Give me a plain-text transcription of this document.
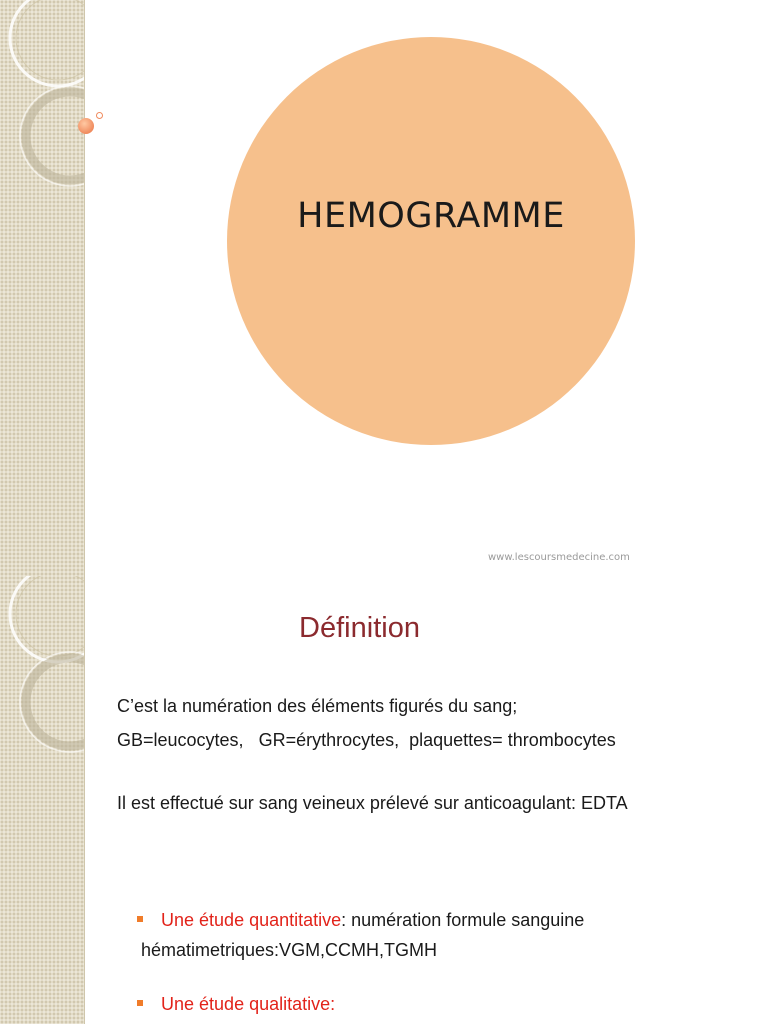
HEMOGRAMME
www.lescoursmedecine.com
Définition
C’est la numération des éléments figurés du sang;
GB=leucocytes,   GR=érythrocytes,  plaquettes= thrombocytes
Il est effectué sur sang veineux prélevé sur anticoagulant: EDTA

Une étude quantitative: numération formule sanguine

hématimetriques:VGM,CCMH,TGMH

Une étude qualitative:
